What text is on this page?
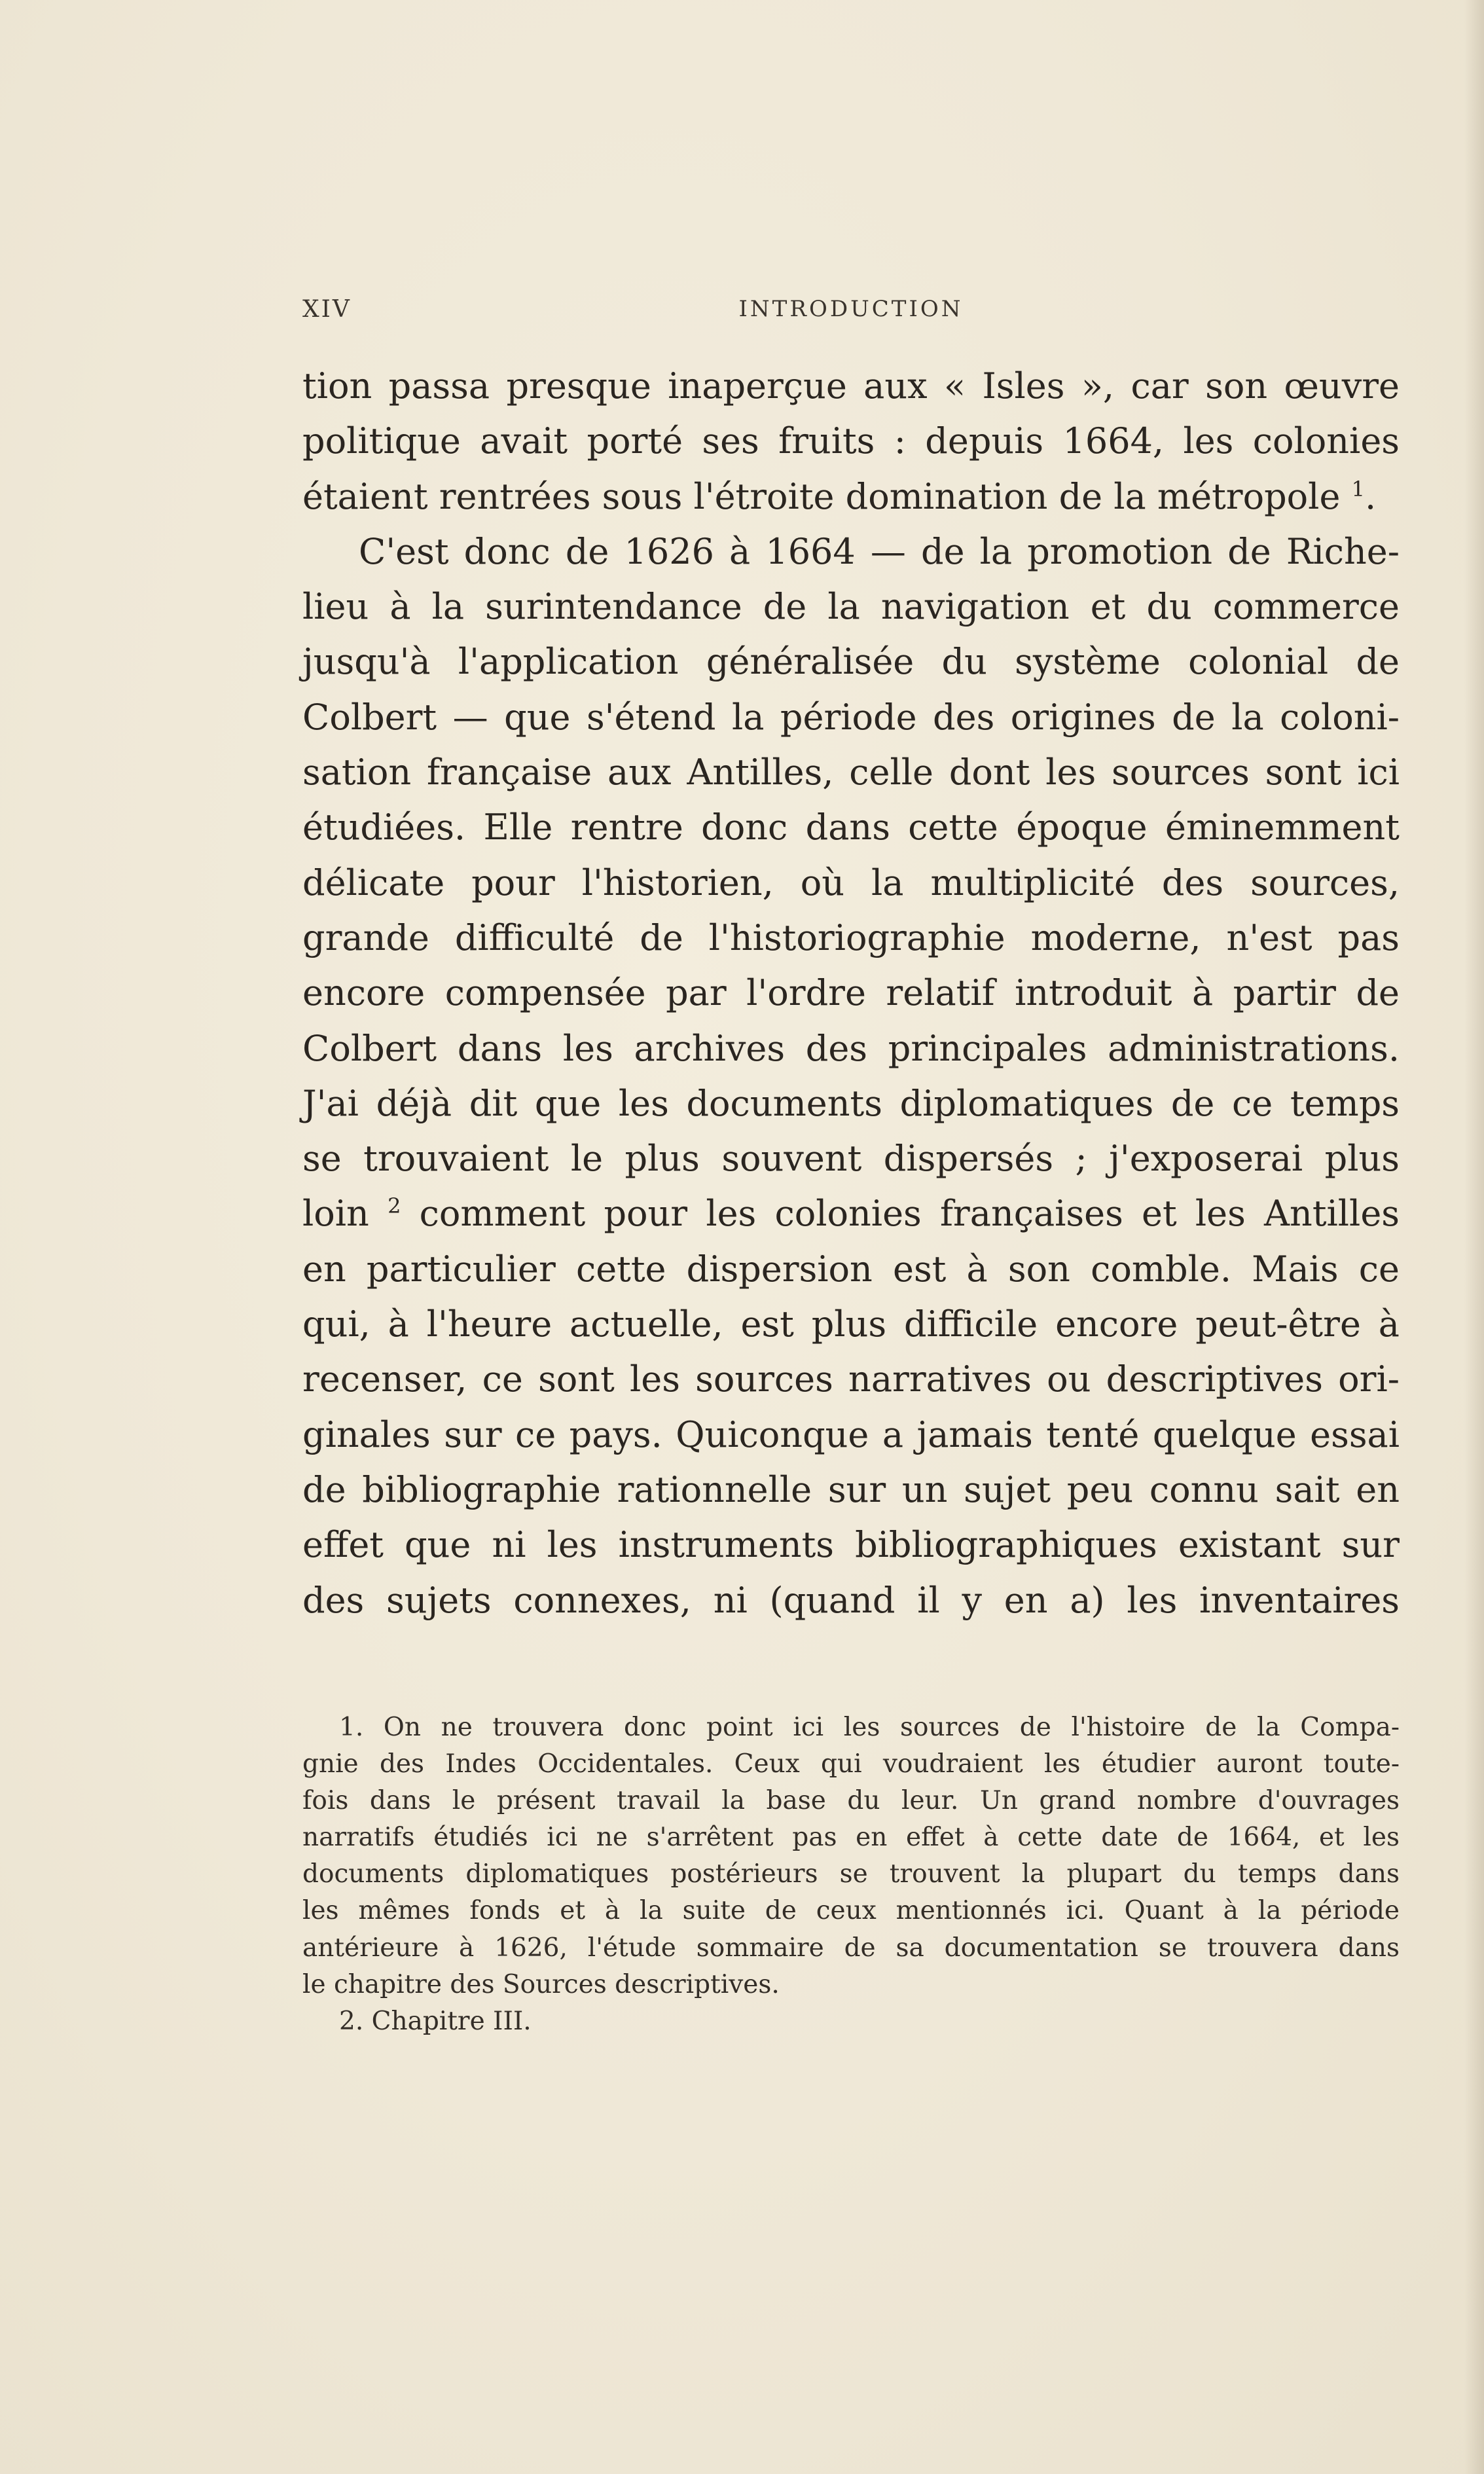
XIV	INTRODUCTION
tion passa presque inaperçue aux « Isles », car son œuvre
politique avait porté ses fruits : depuis 1664, les colonies
étaient rentrées sous l'étroite domination de la métropole $^1$.
C'est donc de 1626 à 1664 — de la promotion de Riche-
lieu à la surintendance de la navigation et du commerce
jusqu'à l'application généralisée du système colonial de
Colbert — que s'étend la période des origines de la coloni-
sation française aux Antilles, celle dont les sources sont ici
étudiées. Elle rentre donc dans cette époque éminemment
délicate pour l'historien, où la multiplicité des sources,
grande difficulté de l'historiographie moderne, n'est pas
encore compensée par l'ordre relatif introduit à partir de
Colbert dans les archives des principales administrations.
J'ai déjà dit que les documents diplomatiques de ce temps
se trouvaient le plus souvent dispersés ; j'exposerai plus
loin $^2$ comment pour les colonies françaises et les Antilles
en particulier cette dispersion est à son comble. Mais ce
qui, à l'heure actuelle, est plus difficile encore peut-être à
recenser, ce sont les sources narratives ou descriptives ori-
ginales sur ce pays. Quiconque a jamais tenté quelque essai
de bibliographie rationnelle sur un sujet peu connu sait en
effet que ni les instruments bibliographiques existant sur
des sujets connexes, ni (quand il y en a) les inventaires
1. On ne trouvera donc point ici les sources de l'histoire de la Compa-
gnie des Indes Occidentales. Ceux qui voudraient les étudier auront toute-
fois dans le présent travail la base du leur. Un grand nombre d'ouvrages
narratifs étudiés ici ne s'arrêtent pas en effet à cette date de 1664, et les
documents diplomatiques postérieurs se trouvent la plupart du temps dans
les mêmes fonds et à la suite de ceux mentionnés ici. Quant à la période
antérieure à 1626, l'étude sommaire de sa documentation se trouvera dans
le chapitre des Sources descriptives.
2. Chapitre III.
